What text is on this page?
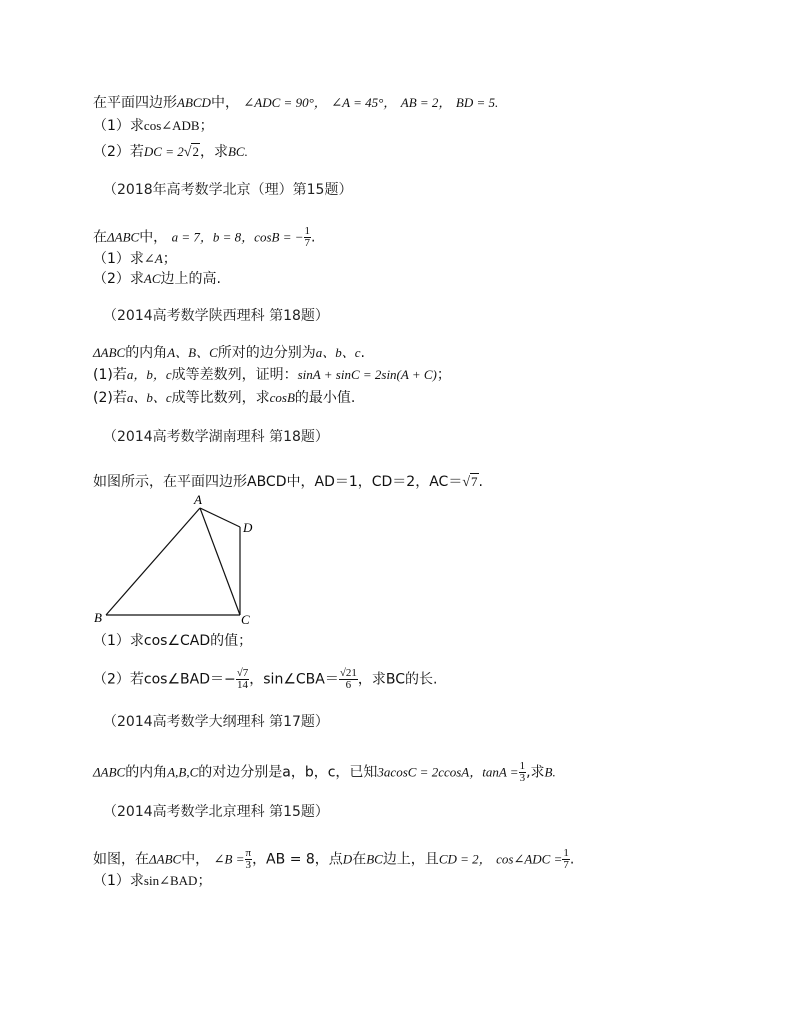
在平面四边形ABCD中， ∠ADC = 90°， ∠A = 45°， AB = 2， BD = 5.
（1）求cos∠ADB；
（2）若DC = 2√2，求BC.
（2018年高考数学北京（理）第15题）
在ΔABC中， a = 7，b = 8，cosB = − $\frac{1}{7}$ .
（1）求∠A；
（2）求AC边上的高.
（2014高考数学陕西理科 第18题）
ΔABC的内角A、B、C所对的边分别为a、b、c.
(1)若a，b，c成等差数列，证明：sinA + sinC = 2sin(A + C)；
(2)若a、b、c成等比数列，求cosB的最小值.
（2014高考数学湖南理科 第18题）
如图所示，在平面四边形ABCD中，AD＝1，CD＝2，AC＝√7.
A
D
B	C
（1）求cos∠CAD的值；
（2）若cos∠BAD＝− $\frac{√7}{14}$ ，sin∠CBA＝ $\frac{√21}{6}$ ，求BC的长.
（2014高考数学大纲理科 第17题）
ΔABC的内角A,B,C的对边分别是a，b，c，已知3acosC = 2ccosA，$\tan A = \frac{1}{3}$ ,求B.
（2014高考数学北京理科 第15题）
如图，在ΔABC中， ∠B = $\frac{\pi}{3}$ ，AB = 8，点D在BC边上，且CD = 2， cos∠ADC = $\frac{1}{7}$ .
（1）求sin∠BAD；
